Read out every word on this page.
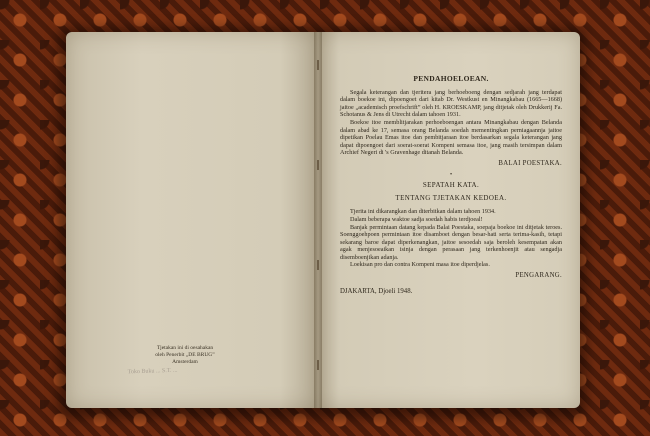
Tjetakan ini di oesahakan
oleh Penerbit „DE BRUG”
Amsterdam
Toko Buku ... S.T. ...

PENDAHOELOEAN.

Segala keterangan dan tjeritera jang berhoeboeng dengan sedjarah jang terdapat dalam boekoe ini, dipoengoet dari kitab Dr. Westkust en Minangkabau (1665—1668) jaitoe „academisch proefschrift” oleh H. KROESKAMP, jang ditjetak oleh Drukkerij Fa. Schotanus & Jens di Utrecht dalam tahoen 1931.

Boekoe itoe memblitjarakan perhoeboengan antara Minangkabau dengan Belanda dalam abad ke 17, semasa orang Belanda soedah mementingkan perniagaannja jaitoe dipetikan Poelau Emas itoe dan pembitjaraan itoe berdasarkan segala keterangan jang dapat dipoengoet dari soerat-soerat Kompeni semasa itoe, jang masih tersimpan dalam Archief Negeri di 's Gravenhage ditanah Belanda.

BALAI POESTAKA.

•

SEPATAH KATA.

TENTANG TJETAKAN KEDOEA.

Tjerita ini dikarangkan dan diterbitkan dalam tahoen 1934.

Dalam beberapa waktoe sadja soedah habis terdjoeal!

Banjak permintaan datang kepada Balai Poestaka, soepaja boekoe ini ditjetak teroes. Soenggoehpoen permintaan itoe disamboet dengan besar-hati serta terima-kasih, tetapi sekarang baroe dapat diperkenangkan, jaitoe sesoedah saja beroleh kesempatan akan agak menjesoeaikan isinja dengan perasaan jang terkenhoenjit atau sengadja disemboenjikan adanja.

Loekisan pro dan contra Kompeni masa itoe diperdjelas.

PENGARANG.

DJAKARTA, Djoeli 1948.
